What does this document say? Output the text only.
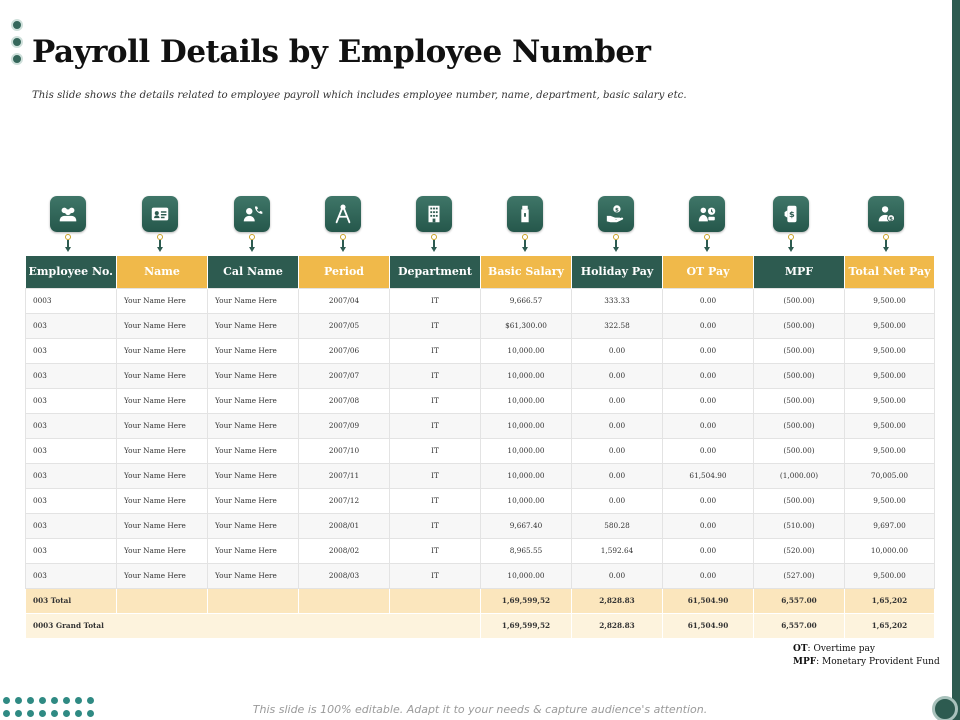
Payroll Details by Employee Number

This slide shows the details related to employee payroll which includes employee number, name, department, basic salary etc.

$	$
$
Employee No.	Name	Cal Name	Period	Department	Basic Salary	Holiday Pay	OT Pay	MPF	Total Net Pay
0003	Your Name Here	Your Name Here	2007/04	IT	9,666.57	333.33	0.00	(500.00)	9,500.00
003	Your Name Here	Your Name Here	2007/05	IT	$61,300.00	322.58	0.00	(500.00)	9,500.00
003	Your Name Here	Your Name Here	2007/06	IT	10,000.00	0.00	0.00	(500.00)	9,500.00
003	Your Name Here	Your Name Here	2007/07	IT	10,000.00	0.00	0.00	(500.00)	9,500.00
003	Your Name Here	Your Name Here	2007/08	IT	10,000.00	0.00	0.00	(500.00)	9,500.00
003	Your Name Here	Your Name Here	2007/09	IT	10,000.00	0.00	0.00	(500.00)	9,500.00
003	Your Name Here	Your Name Here	2007/10	IT	10,000.00	0.00	0.00	(500.00)	9,500.00
003	Your Name Here	Your Name Here	2007/11	IT	10,000.00	0.00	61,504.90	(1,000.00)	70,005.00
003	Your Name Here	Your Name Here	2007/12	IT	10,000.00	0.00	0.00	(500.00)	9,500.00
003	Your Name Here	Your Name Here	2008/01	IT	9,667.40	580.28	0.00	(510.00)	9,697.00
003	Your Name Here	Your Name Here	2008/02	IT	8,965.55	1,592.64	0.00	(520.00)	10,000.00
003	Your Name Here	Your Name Here	2008/03	IT	10,000.00	0.00	0.00	(527.00)	9,500.00
003 Total					1,69,599,52	2,828.83	61,504.90	6,557.00	1,65,202
0003 Grand Total					1,69,599,52	2,828.83	61,504.90	6,557.00	1,65,202
OT: Overtime pay
MPF: Monetary Provident Fund
This slide is 100% editable. Adapt it to your needs & capture audience's attention.
